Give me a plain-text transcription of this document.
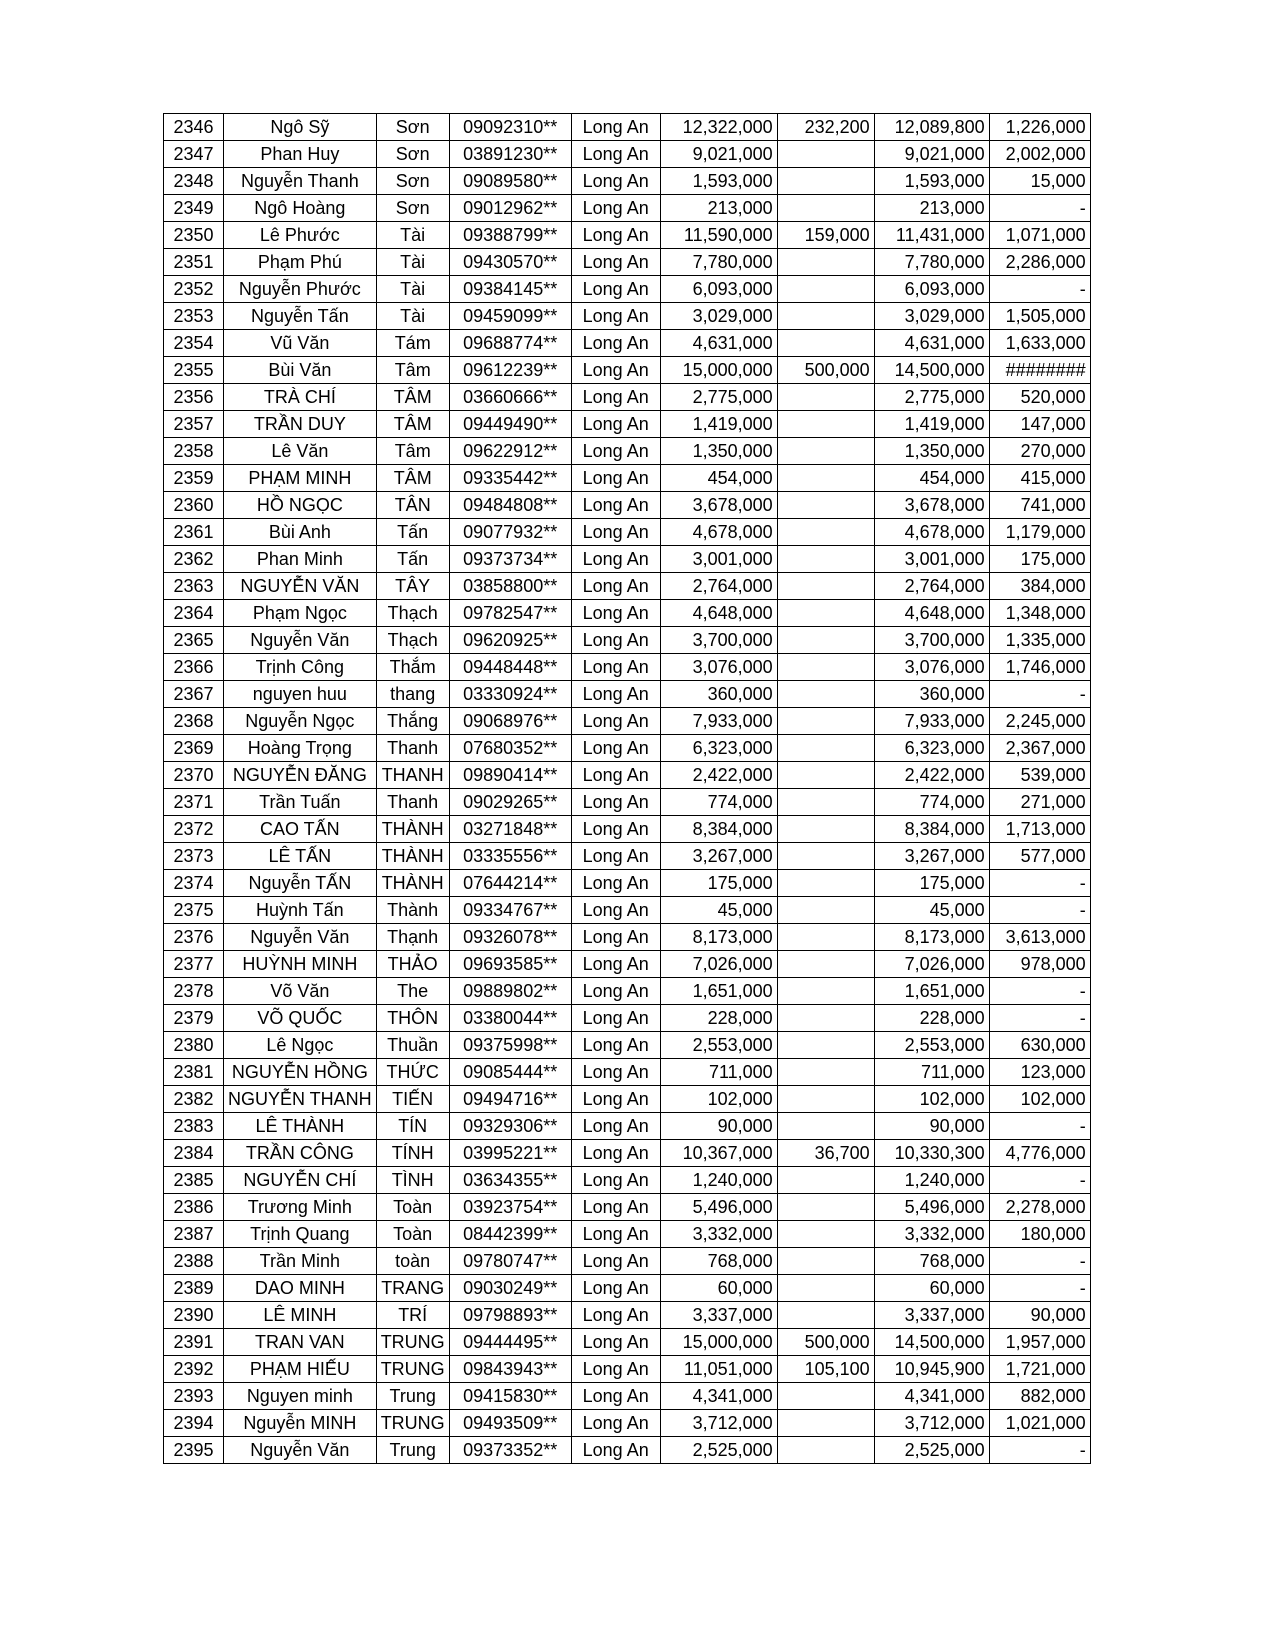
2346	Ngô Sỹ	Sơn	09092310**	Long An	12,322,000	232,200	12,089,800	1,226,000
2347	Phan Huy	Sơn	03891230**	Long An	9,021,000		9,021,000	2,002,000
2348	Nguyễn Thanh	Sơn	09089580**	Long An	1,593,000		1,593,000	15,000
2349	Ngô Hoàng	Sơn	09012962**	Long An	213,000		213,000	-
2350	Lê Phước	Tài	09388799**	Long An	11,590,000	159,000	11,431,000	1,071,000
2351	Phạm Phú	Tài	09430570**	Long An	7,780,000		7,780,000	2,286,000
2352	Nguyễn Phước	Tài	09384145**	Long An	6,093,000		6,093,000	-
2353	Nguyễn Tấn	Tài	09459099**	Long An	3,029,000		3,029,000	1,505,000
2354	Vũ Văn	Tám	09688774**	Long An	4,631,000		4,631,000	1,633,000
2355	Bùi Văn	Tâm	09612239**	Long An	15,000,000	500,000	14,500,000	########
2356	TRÀ CHÍ	TÂM	03660666**	Long An	2,775,000		2,775,000	520,000
2357	TRẦN DUY	TÂM	09449490**	Long An	1,419,000		1,419,000	147,000
2358	Lê Văn	Tâm	09622912**	Long An	1,350,000		1,350,000	270,000
2359	PHẠM MINH	TÂM	09335442**	Long An	454,000		454,000	415,000
2360	HỒ NGỌC	TÂN	09484808**	Long An	3,678,000		3,678,000	741,000
2361	Bùi Anh	Tấn	09077932**	Long An	4,678,000		4,678,000	1,179,000
2362	Phan Minh	Tấn	09373734**	Long An	3,001,000		3,001,000	175,000
2363	NGUYỄN VĂN	TÂY	03858800**	Long An	2,764,000		2,764,000	384,000
2364	Phạm Ngọc	Thạch	09782547**	Long An	4,648,000		4,648,000	1,348,000
2365	Nguyễn Văn	Thạch	09620925**	Long An	3,700,000		3,700,000	1,335,000
2366	Trịnh Công	Thắm	09448448**	Long An	3,076,000		3,076,000	1,746,000
2367	nguyen huu	thang	03330924**	Long An	360,000		360,000	-
2368	Nguyễn Ngọc	Thắng	09068976**	Long An	7,933,000		7,933,000	2,245,000
2369	Hoàng Trọng	Thanh	07680352**	Long An	6,323,000		6,323,000	2,367,000
2370	NGUYỄN ĐĂNG	THANH	09890414**	Long An	2,422,000		2,422,000	539,000
2371	Trần Tuấn	Thanh	09029265**	Long An	774,000		774,000	271,000
2372	CAO TẤN	THÀNH	03271848**	Long An	8,384,000		8,384,000	1,713,000
2373	LÊ TẤN	THÀNH	03335556**	Long An	3,267,000		3,267,000	577,000
2374	Nguyễn TẤN	THÀNH	07644214**	Long An	175,000		175,000	-
2375	Huỳnh Tấn	Thành	09334767**	Long An	45,000		45,000	-
2376	Nguyễn Văn	Thạnh	09326078**	Long An	8,173,000		8,173,000	3,613,000
2377	HUỲNH MINH	THẢO	09693585**	Long An	7,026,000		7,026,000	978,000
2378	Võ Văn	The	09889802**	Long An	1,651,000		1,651,000	-
2379	VÕ QUỐC	THÔN	03380044**	Long An	228,000		228,000	-
2380	Lê Ngọc	Thuần	09375998**	Long An	2,553,000		2,553,000	630,000
2381	NGUYỄN HỒNG	THỨC	09085444**	Long An	711,000		711,000	123,000
2382	NGUYỄN THANH	TIẾN	09494716**	Long An	102,000		102,000	102,000
2383	LÊ THÀNH	TÍN	09329306**	Long An	90,000		90,000	-
2384	TRẦN CÔNG	TÍNH	03995221**	Long An	10,367,000	36,700	10,330,300	4,776,000
2385	NGUYỄN CHÍ	TÌNH	03634355**	Long An	1,240,000		1,240,000	-
2386	Trương Minh	Toàn	03923754**	Long An	5,496,000		5,496,000	2,278,000
2387	Trịnh Quang	Toàn	08442399**	Long An	3,332,000		3,332,000	180,000
2388	Trần Minh	toàn	09780747**	Long An	768,000		768,000	-
2389	DAO MINH	TRANG	09030249**	Long An	60,000		60,000	-
2390	LÊ MINH	TRÍ	09798893**	Long An	3,337,000		3,337,000	90,000
2391	TRAN VAN	TRUNG	09444495**	Long An	15,000,000	500,000	14,500,000	1,957,000
2392	PHẠM HIẾU	TRUNG	09843943**	Long An	11,051,000	105,100	10,945,900	1,721,000
2393	Nguyen minh	Trung	09415830**	Long An	4,341,000		4,341,000	882,000
2394	Nguyễn MINH	TRUNG	09493509**	Long An	3,712,000		3,712,000	1,021,000
2395	Nguyễn Văn	Trung	09373352**	Long An	2,525,000		2,525,000	-
